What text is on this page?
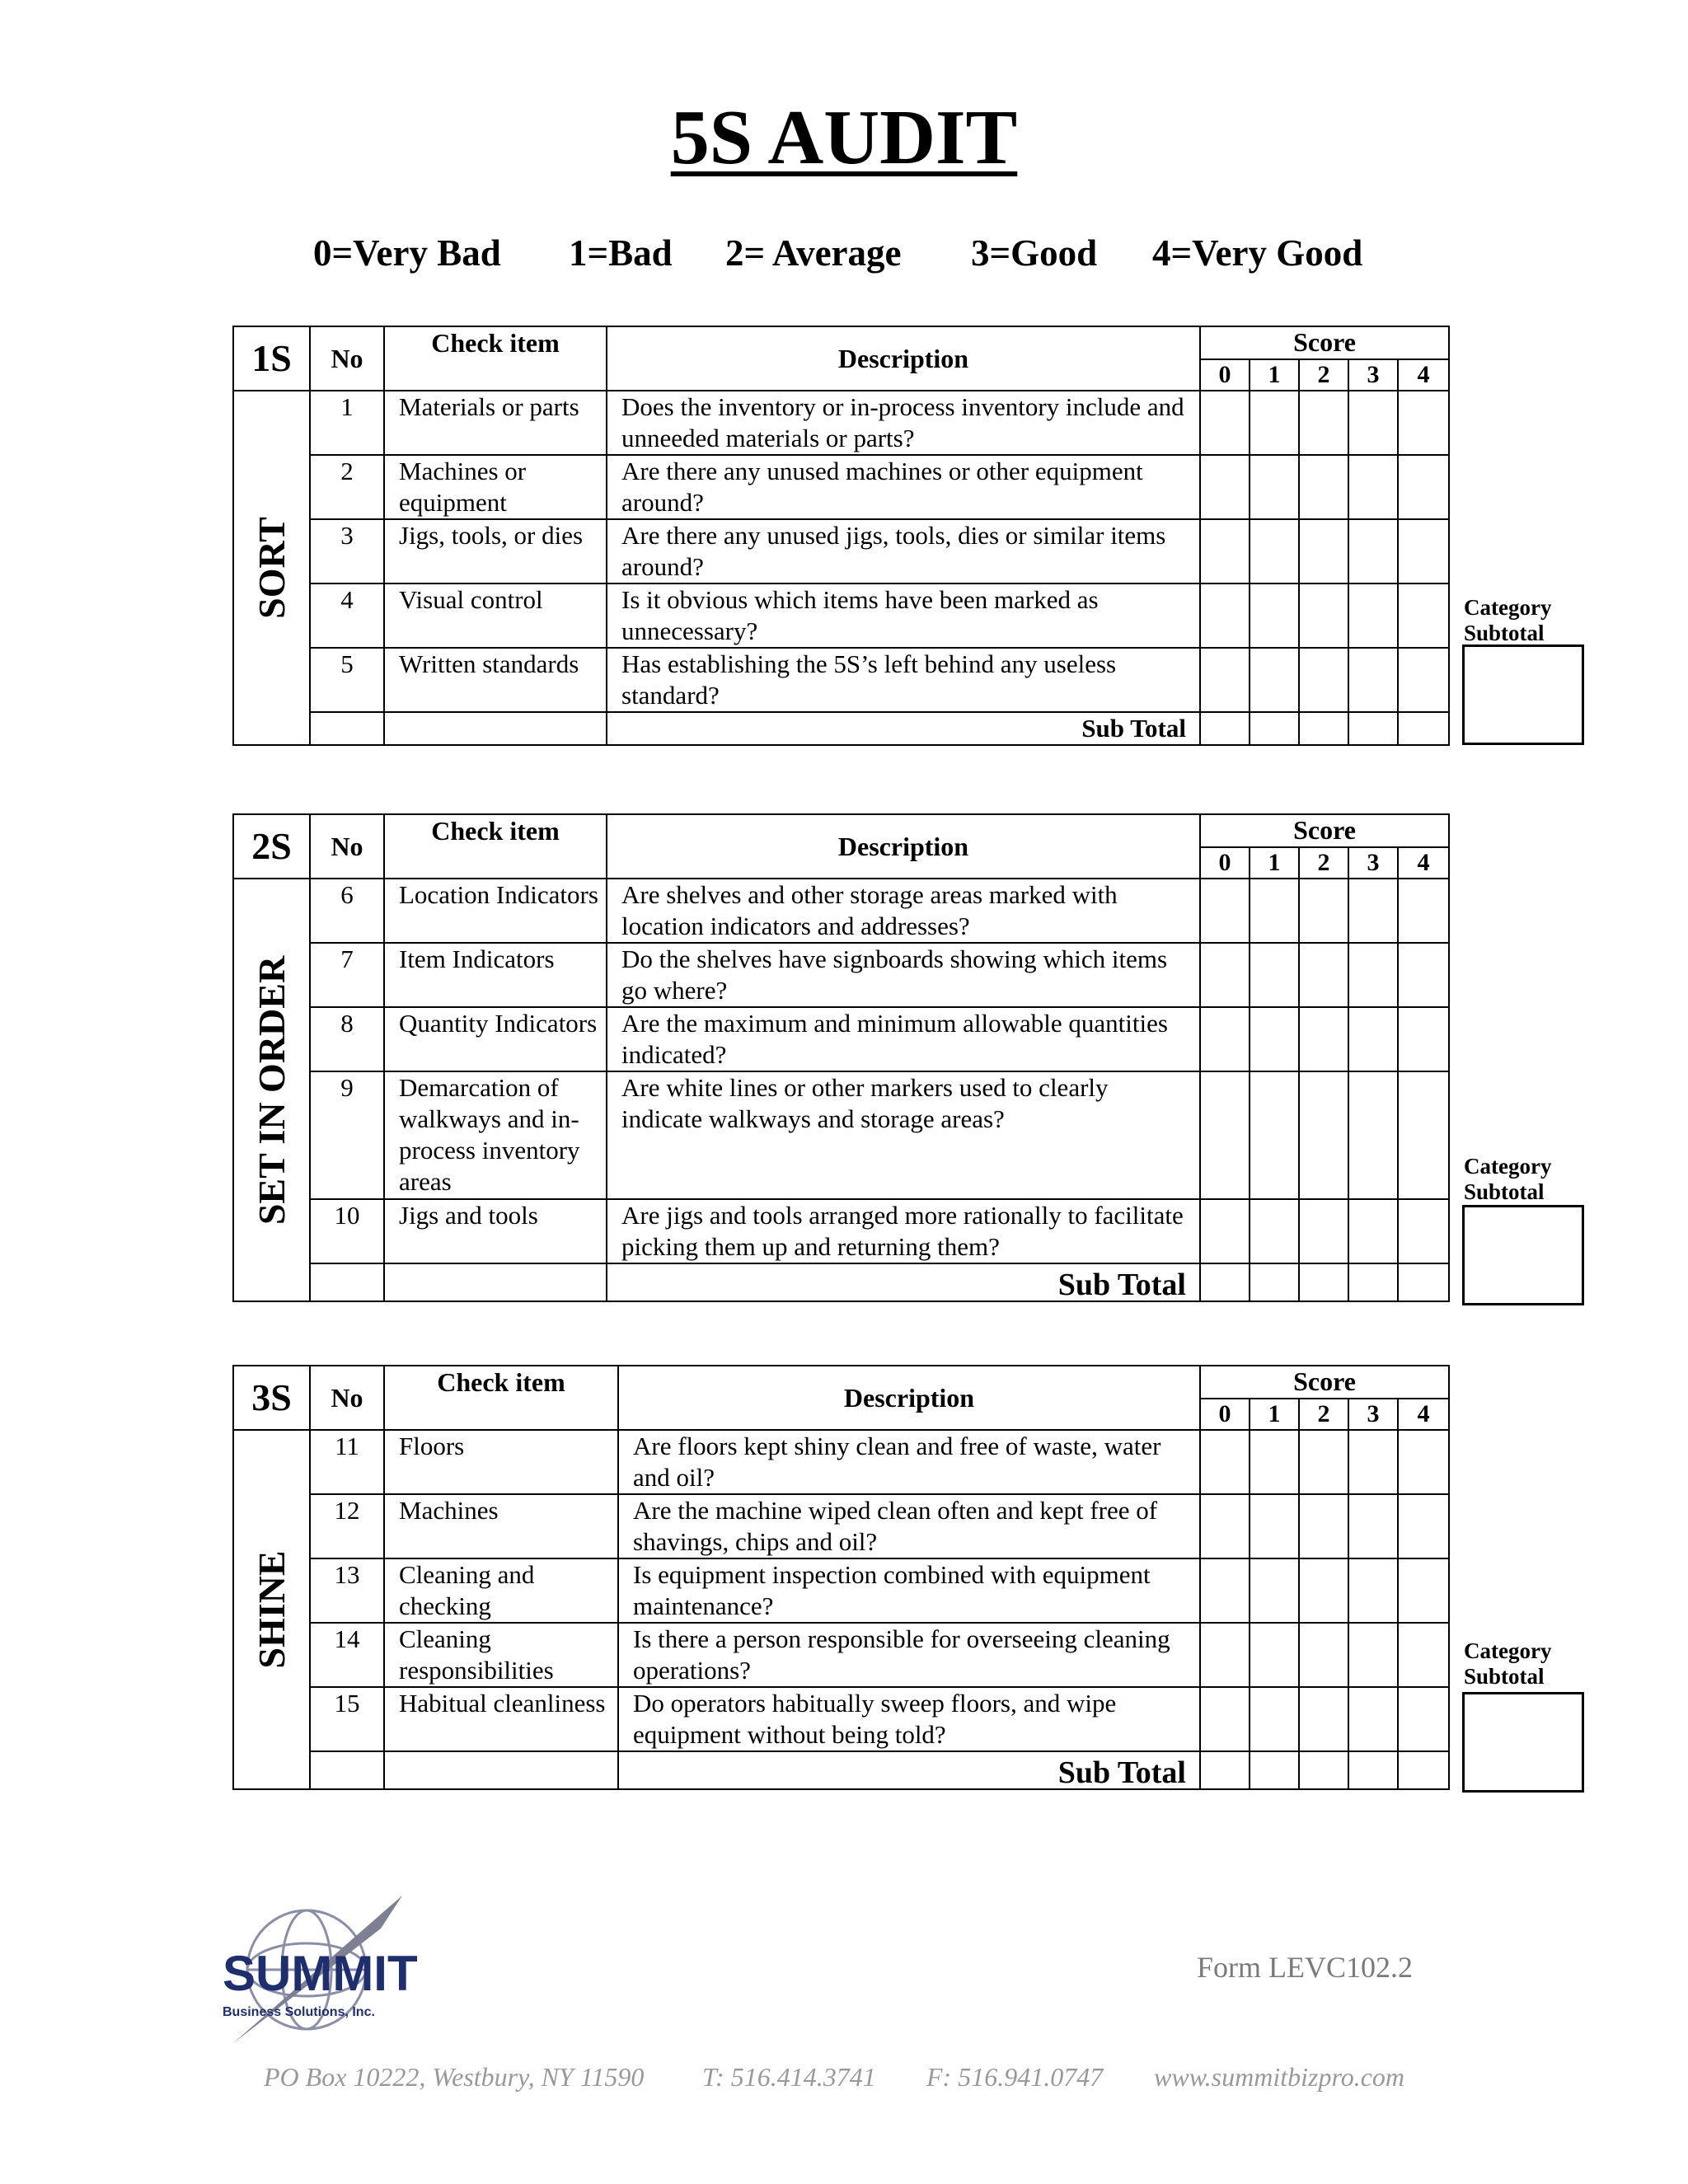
5S AUDIT
0=Very Bad 1=Bad 2= Average 3=Good 4=Very Good
1S	No	Check item	Description	Score				
				0	1	2	3	4

SORT	1	Materials or parts	Does the inventory or in-process inventory include and unneeded materials or parts?					
	2	Machines or equipment	Are there any unused machines or other equipment around?					
	3	Jigs, tools, or dies	Are there any unused jigs, tools, dies or similar items around?					
	4	Visual control	Is it obvious which items have been marked as unnecessary?					
	5	Written standards	Has establishing the 5S’s left behind any useless standard?					
			Sub Total					
Category
Subtotal
2S	No	Check item	Description	Score				
				0	1	2	3	4

SET IN ORDER	6	Location Indicators	Are shelves and other storage areas marked with location indicators and addresses?					
	7	Item Indicators	Do the shelves have signboards showing which items go where?					
	8	Quantity Indicators	Are the maximum and minimum allowable quantities indicated?					
	9	Demarcation of walkways and in-process inventory areas	Are white lines or other markers used to clearly indicate walkways and storage areas?					
	10	Jigs and tools	Are jigs and tools arranged more rationally to facilitate picking them up and returning them?					
			Sub Total					
Category
Subtotal
3S	No	Check item	Description	Score				
				0	1	2	3	4

SHINE	11	Floors	Are floors kept shiny clean and free of waste, water and oil?					
	12	Machines	Are the machine wiped clean often and kept free of shavings, chips and oil?					
	13	Cleaning and checking	Is equipment inspection combined with equipment maintenance?					
	14	Cleaning responsibilities	Is there a person responsible for overseeing cleaning operations?					
	15	Habitual cleanliness	Do operators habitually sweep floors, and wipe equipment without being told?					
			Sub Total					
Category
Subtotal
SUMMIT
Business Solutions, Inc.
Form LEVC102.2
PO Box 10222, Westbury, NY 11590 T: 516.414.3741 F: 516.941.0747 www.summitbizpro.com
